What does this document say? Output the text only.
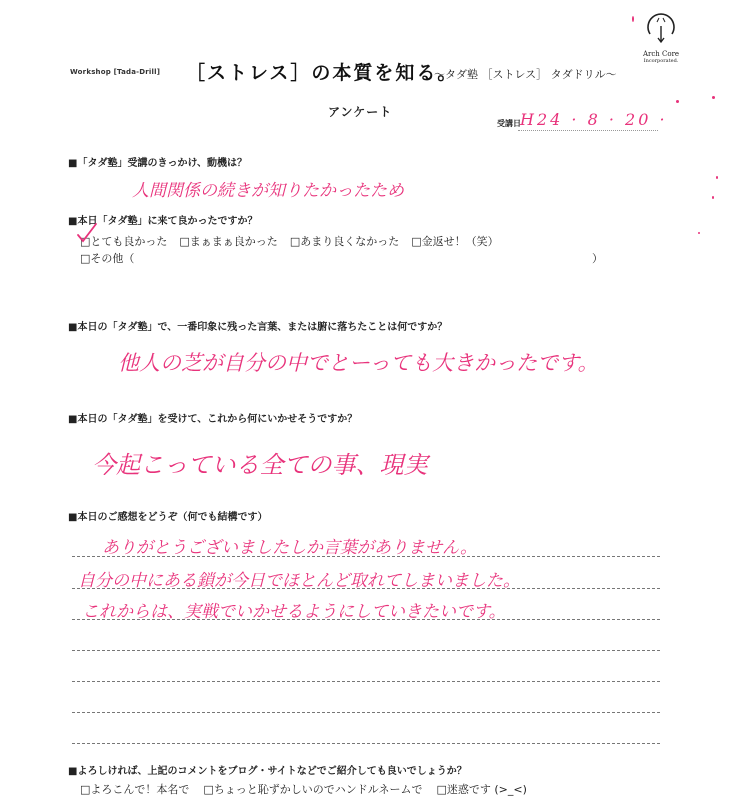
Workshop [Tada-Drill] ［ストレス］の本質を知る。
～タダ塾 ［ストレス］ タダドリル～
Arch Core
Incorporated.
アンケート
受講日 H24 · 8 · 20 ·
■「タダ塾」受講のきっかけ、動機は？
人間関係の続きが知りたかったため
■本日「タダ塾」に来て良かったですか？
□とても良かった □まぁまぁ良かった □あまり良くなかった □金返せ！（笑）
□その他（	）
■本日の「タダ塾」で、一番印象に残った言葉、または腑に落ちたことは何ですか？
他人の芝が自分の中でとーっても大きかったです。
■本日の「タダ塾」を受けて、これから何にいかせそうですか？
今起こっている全ての事、現実
■本日のご感想をどうぞ（何でも結構です）
ありがとうございましたしか言葉がありません。
自分の中にある鎖が今日でほとんど取れてしまいました。
これからは、実戦でいかせるようにしていきたいです。
■よろしければ、上記のコメントをブログ・サイトなどでご紹介しても良いでしょうか？
□よろこんで！本名で □ちょっと恥ずかしいのでハンドルネームで □迷惑です (>_<)
